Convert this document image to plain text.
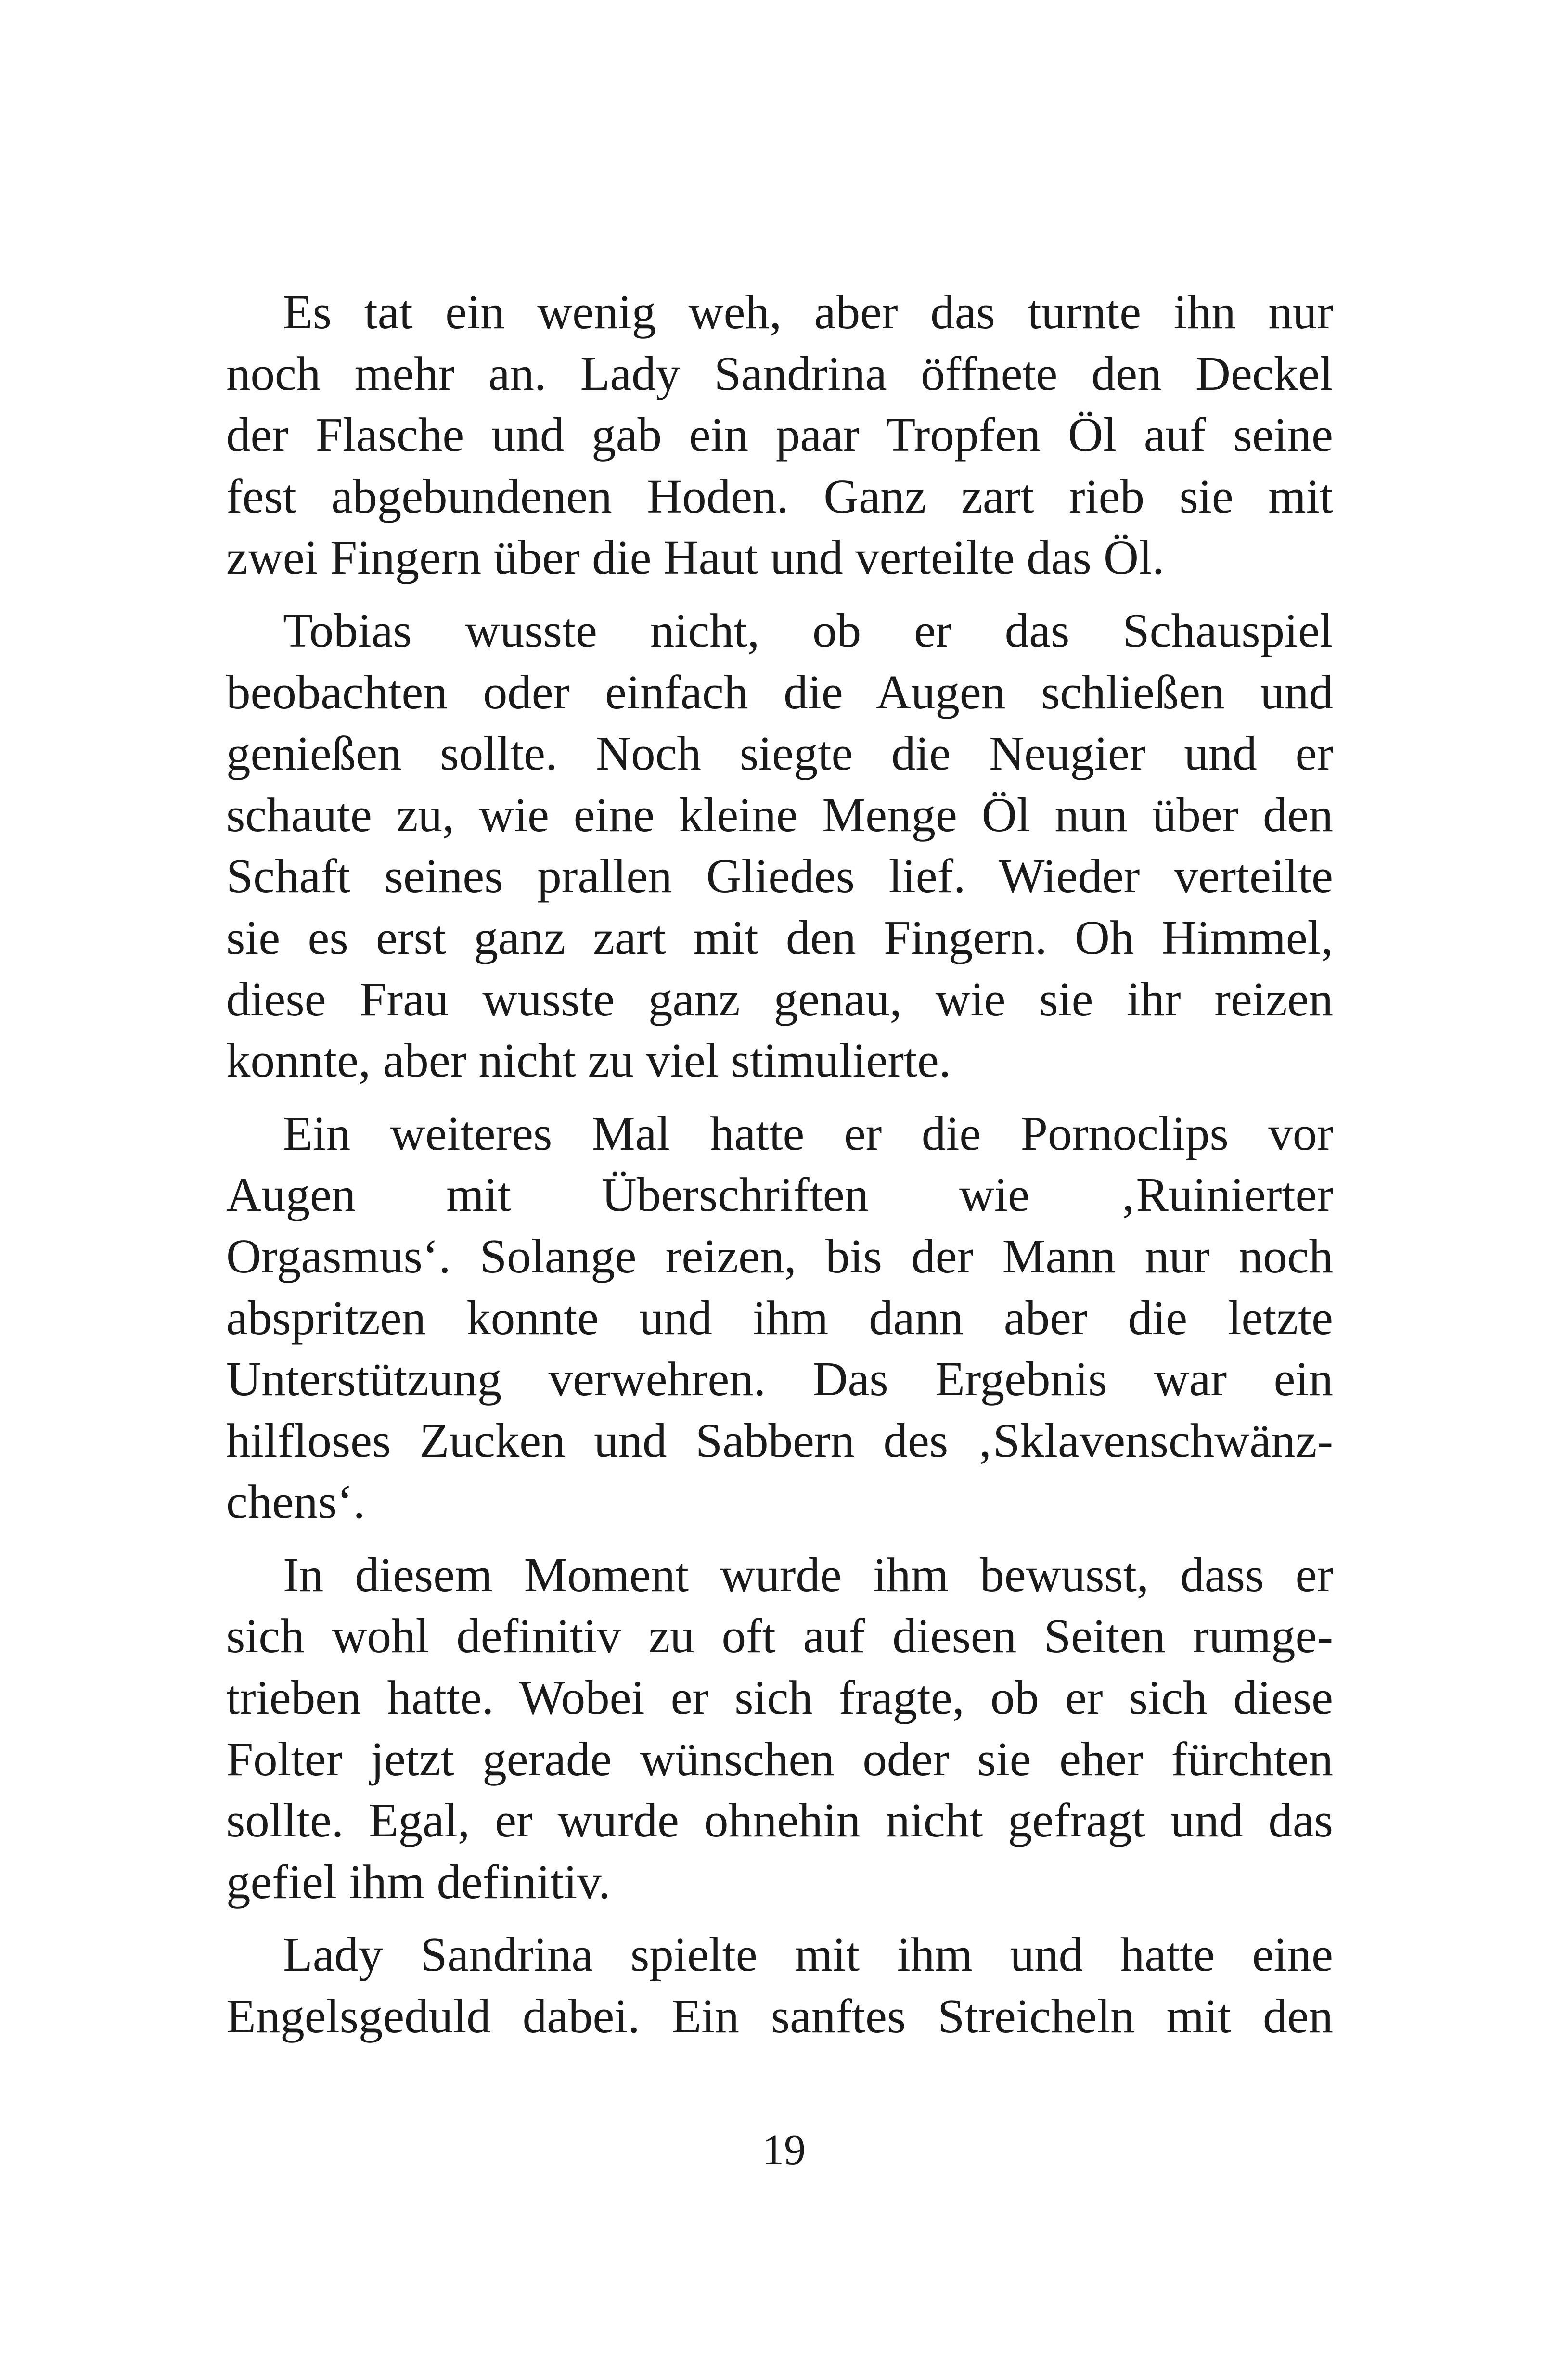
Es tat ein wenig weh, aber das turnte ihn nur
noch mehr an. Lady Sandrina öffnete den Deckel
der Flasche und gab ein paar Tropfen Öl auf seine
fest abgebundenen Hoden. Ganz zart rieb sie mit
zwei Fingern über die Haut und verteilte das Öl.

Tobias wusste nicht, ob er das Schauspiel
beobachten oder einfach die Augen schließen und
genießen sollte. Noch siegte die Neugier und er
schaute zu, wie eine kleine Menge Öl nun über den
Schaft seines prallen Gliedes lief. Wieder verteilte
sie es erst ganz zart mit den Fingern. Oh Himmel,
diese Frau wusste ganz genau, wie sie ihr reizen
konnte, aber nicht zu viel stimulierte.

Ein weiteres Mal hatte er die Pornoclips vor
Augen mit Überschriften wie ‚Ruinierter
Orgasmus‘. Solange reizen, bis der Mann nur noch
abspritzen konnte und ihm dann aber die letzte
Unterstützung verwehren. Das Ergebnis war ein
hilfloses Zucken und Sabbern des ‚Sklavenschwänz-
chens‘.

In diesem Moment wurde ihm bewusst, dass er
sich wohl definitiv zu oft auf diesen Seiten rumge-
trieben hatte. Wobei er sich fragte, ob er sich diese
Folter jetzt gerade wünschen oder sie eher fürchten
sollte. Egal, er wurde ohnehin nicht gefragt und das
gefiel ihm definitiv.

Lady Sandrina spielte mit ihm und hatte eine
Engelsgeduld dabei. Ein sanftes Streicheln mit den

19
